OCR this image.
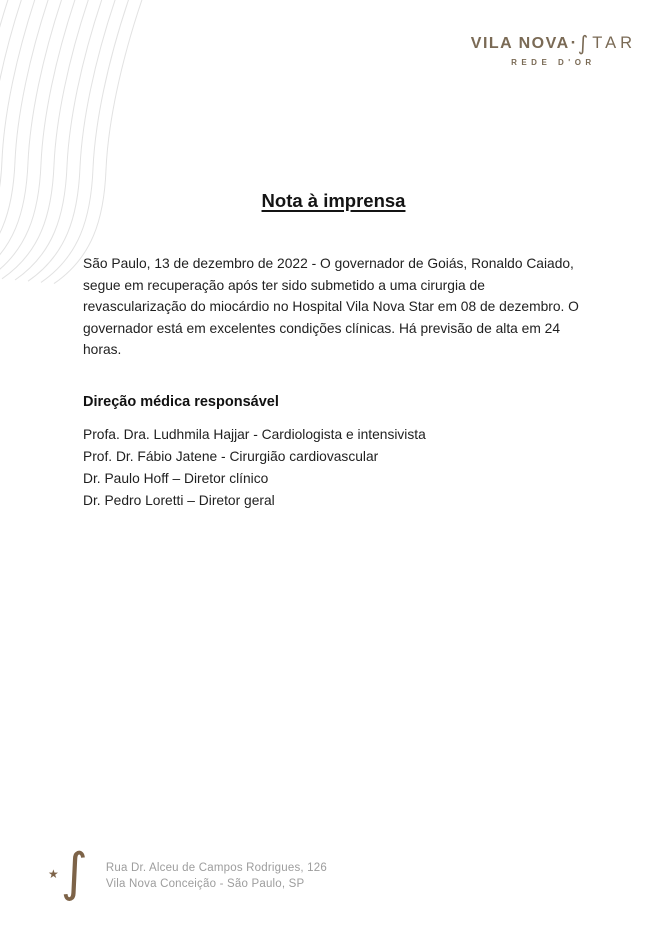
VILA NOVA·∫TAR
REDE D'OR
Nota à imprensa

São Paulo, 13 de dezembro de 2022 - O governador de Goiás, Ronaldo Caiado, segue em recuperação após ter sido submetido a uma cirurgia de revascularização do miocárdio no Hospital Vila Nova Star em 08 de dezembro. O governador está em excelentes condições clínicas. Há previsão de alta em 24 horas.

Direção médica responsável
Profa. Dra. Ludhmila Hajjar - Cardiologista e intensivista
Prof. Dr. Fábio Jatene - Cirurgião cardiovascular
Dr. Paulo Hoff – Diretor clínico
Dr. Pedro Loretti – Diretor geral
★ ∫ Rua Dr. Alceu de Campos Rodrigues, 126
Vila Nova Conceição - São Paulo, SP
